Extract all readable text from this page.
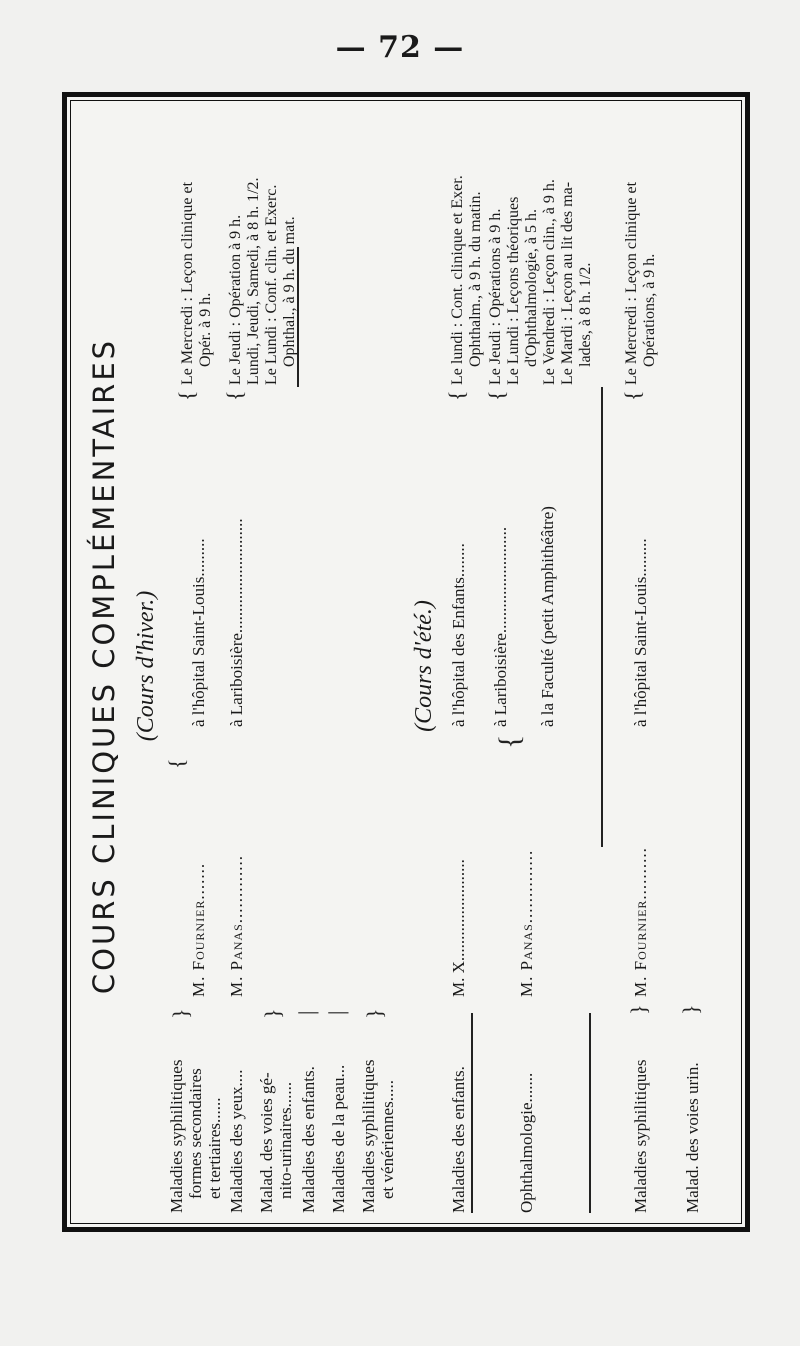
— 72 —
COURS CLINIQUES COMPLÉMENTAIRES (Cours d'hiver.)
Maladies syphilitiques formes secondaires et tertiaires......
}
M. Fournier.......
{
à l'hôpital Saint-Louis.........
{
Le Mercredi : Leçon clinique et Opér. à 9 h.
Maladies des yeux....
M. Panas.............
à Lariboisière...........................
{
Le Jeudi : Opération à 9 h. Lundi, Jeudi, Samedi, à 8 h. 1/2. Le Lundi : Conf. clin. et Exerc. Ophthal., à 9 h. du mat.
Malad. des voies gé- nito-urinaires......
}
Maladies des enfants.
|
Maladies de la peau...
|
Maladies syphilitiques et vénériennes.....
}
(Cours d'été.)
Maladies des enfants.
M. X........................
à l'hôpital des Enfants........
{
Le lundi : Cont. clinique et Exer. Ophthalm., à 9 h. du matin.
Ophthalmologie.......
M. Panas..............
{
à Lariboisière......................... à la Faculté (petit Amphithéâtre)
{
Le Jeudi : Opérations à 9 h. Le Lundi : Leçons théoriques d'Ophthalmologie, à 5 h. Le Vendredi : Leçon clin., à 9 h. Le Mardi : Leçon au lit des ma- lades, à 8 h. 1/2.
Maladies syphilitiques
}
M. Fournier..........
à l'hôpital Saint-Louis.........
{
Le Mercredi : Leçon clinique et Opérations, à 9 h.
Malad. des voies urin.
}
